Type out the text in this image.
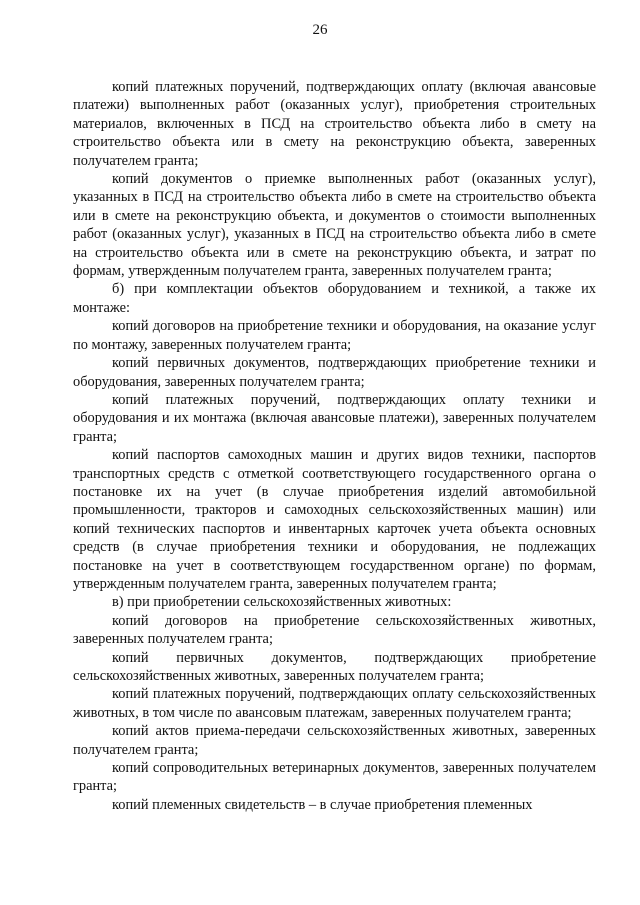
26

копий платежных поручений, подтверждающих оплату (включая авансовые платежи) выполненных работ (оказанных услуг), приобретения строительных материалов, включенных в ПСД на строительство объекта либо в смету на строительство объекта или в смету на реконструкцию объекта, заверенных получателем гранта;

копий документов о приемке выполненных работ (оказанных услуг), указанных в ПСД на строительство объекта либо в смете на строительство объекта или в смете на реконструкцию объекта, и документов о стоимости выполненных работ (оказанных услуг), указанных в ПСД на строительство объекта либо в смете на строительство объекта или в смете на реконструкцию объекта, и затрат по формам, утвержденным получателем гранта, заверенных получателем гранта;

б) при комплектации объектов оборудованием и техникой, а также их монтаже:

копий договоров на приобретение техники и оборудования, на оказание услуг по монтажу, заверенных получателем гранта;

копий первичных документов, подтверждающих приобретение техники и оборудования, заверенных получателем гранта;

копий платежных поручений, подтверждающих оплату техники и оборудования и их монтажа (включая авансовые платежи), заверенных получателем гранта;

копий паспортов самоходных машин и других видов техники, паспортов транспортных средств с отметкой соответствующего государственного органа о постановке их на учет (в случае приобретения изделий автомобильной промышленности, тракторов и самоходных сельскохозяйственных машин) или копий технических паспортов и инвентарных карточек учета объекта основных средств (в случае приобретения техники и оборудования, не подлежащих постановке на учет в соответствующем государственном органе) по формам, утвержденным получателем гранта, заверенных получателем гранта;

в) при приобретении сельскохозяйственных животных:

копий договоров на приобретение сельскохозяйственных животных, заверенных получателем гранта;

копий первичных документов, подтверждающих приобретение сельскохозяйственных животных, заверенных получателем гранта;

копий платежных поручений, подтверждающих оплату сельскохозяйственных животных, в том числе по авансовым платежам, заверенных получателем гранта;

копий актов приема-передачи сельскохозяйственных животных, заверенных получателем гранта;

копий сопроводительных ветеринарных документов, заверенных получателем гранта;

копий племенных свидетельств – в случае приобретения племенных
